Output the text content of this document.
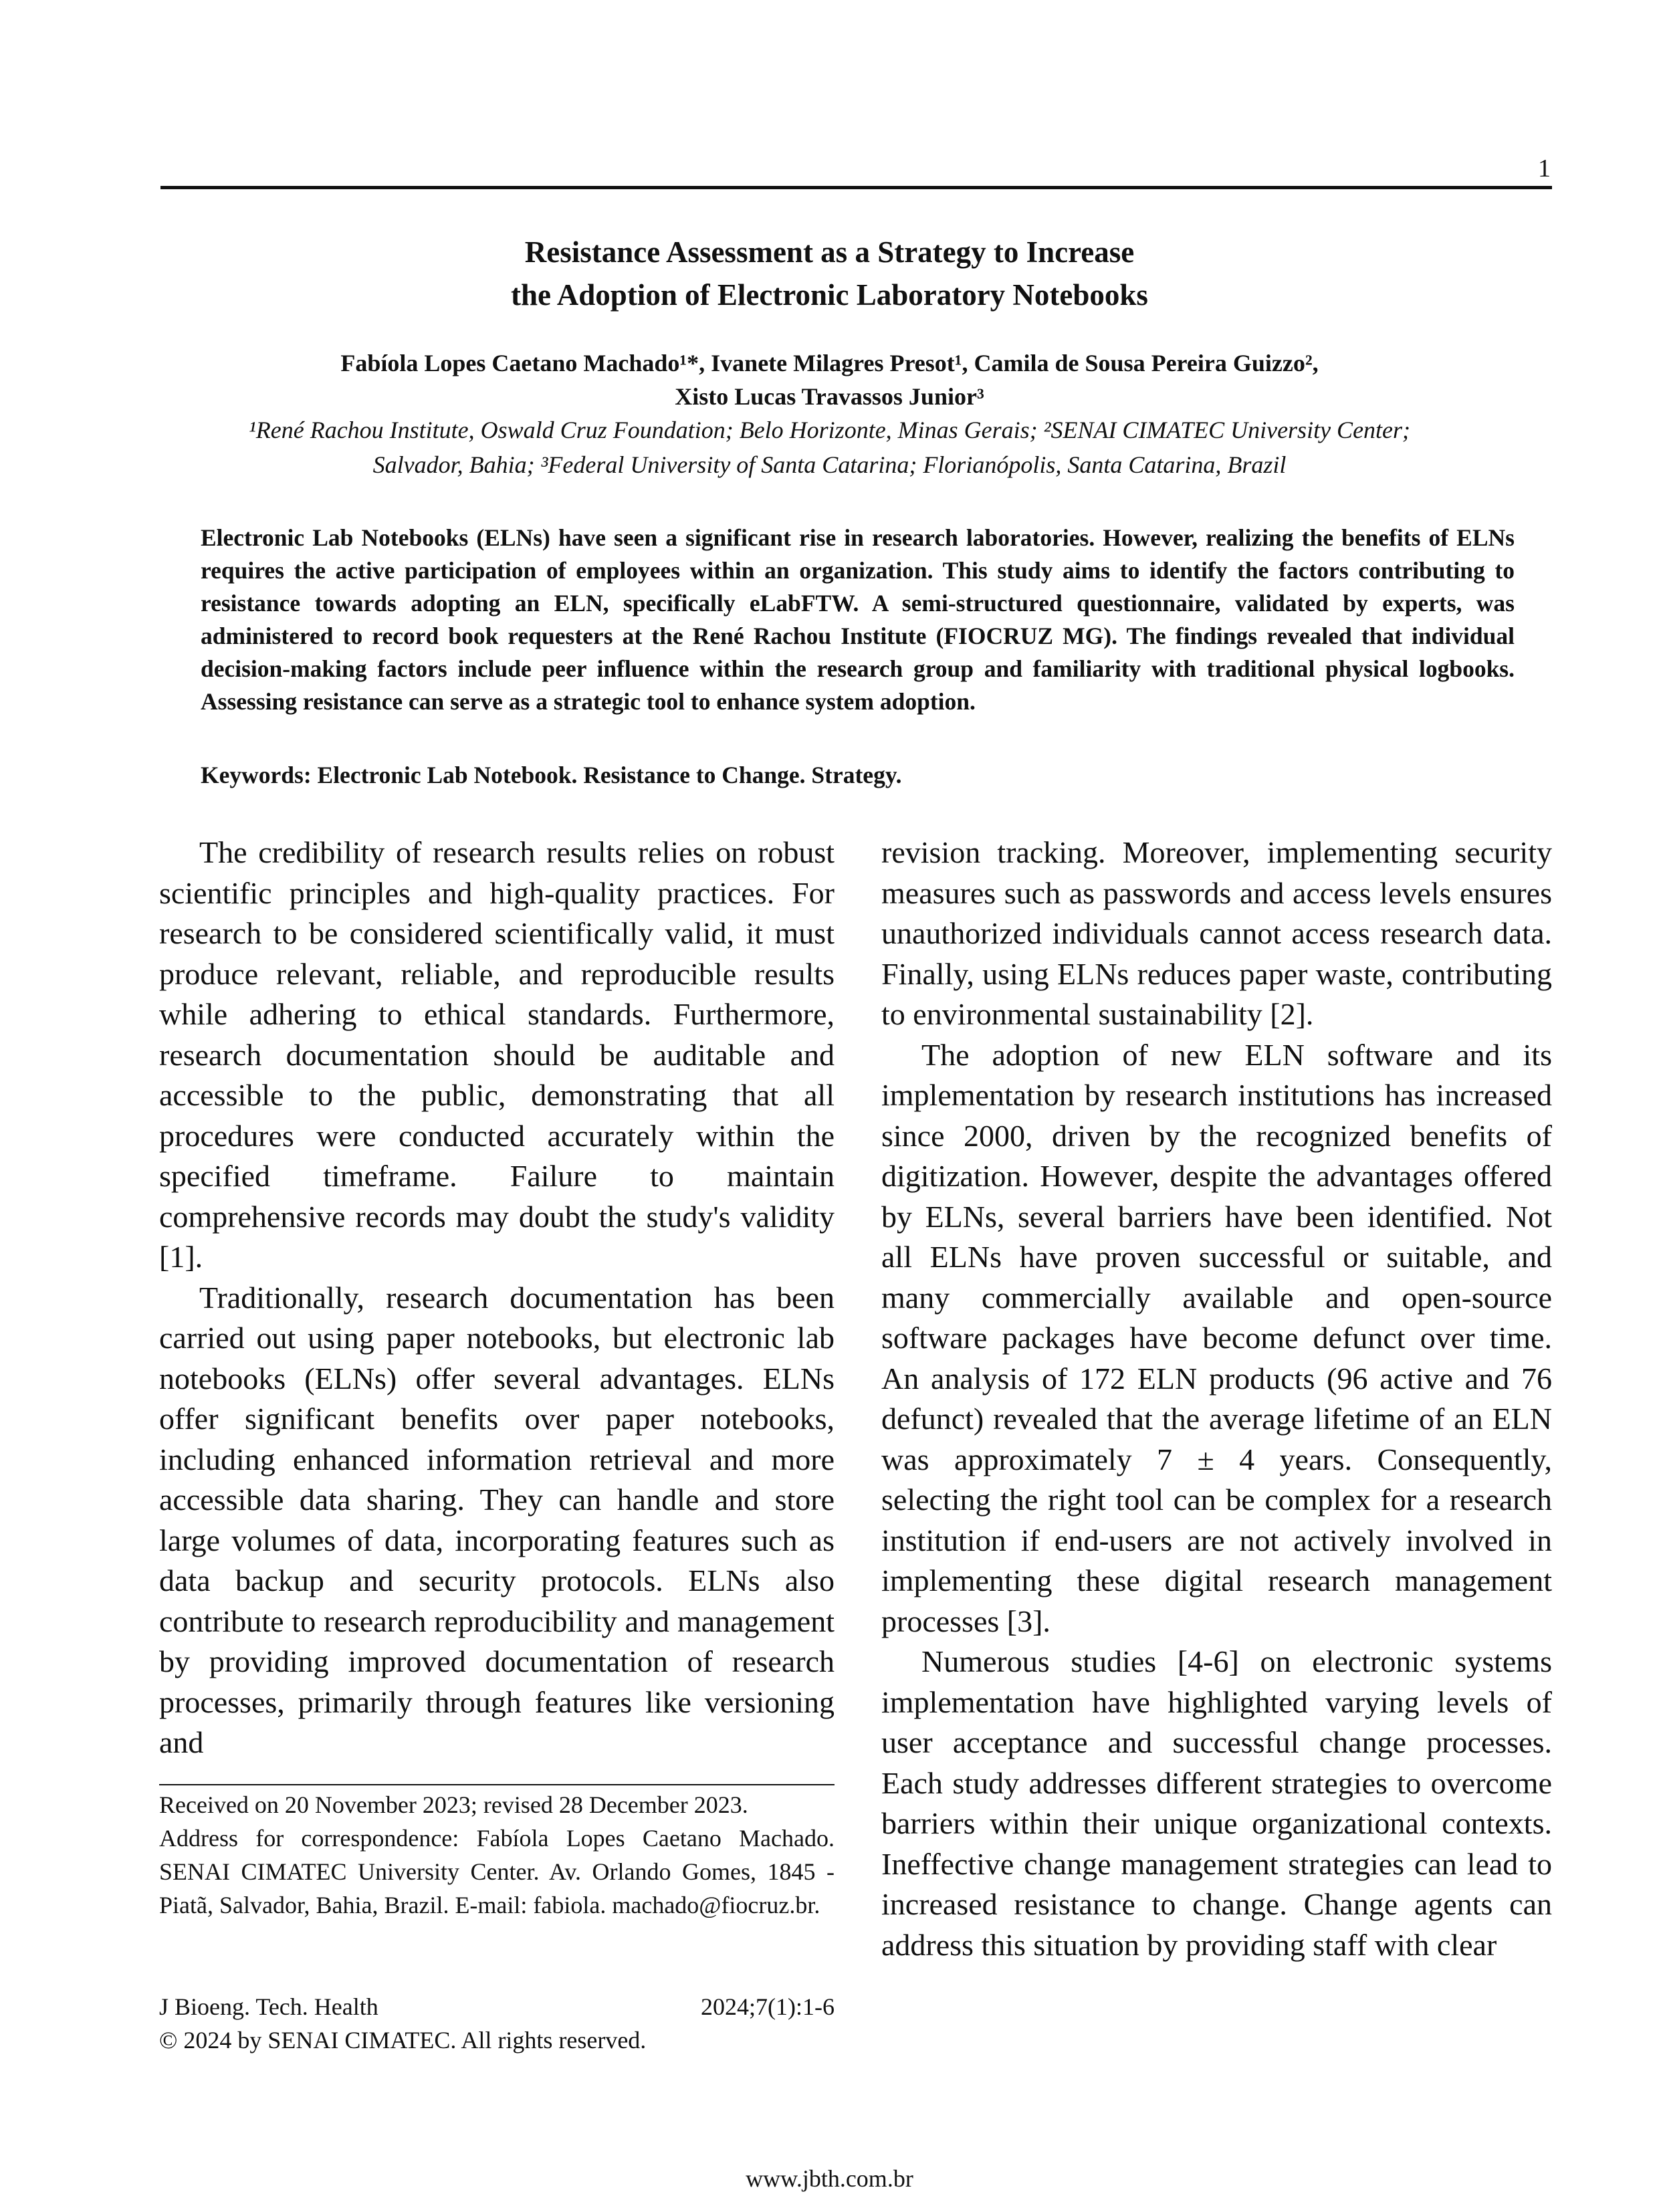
1
Resistance Assessment as a Strategy to Increase
the Adoption of Electronic Laboratory Notebooks
Fabíola Lopes Caetano Machado¹*, Ivanete Milagres Presot¹, Camila de Sousa Pereira Guizzo²,
Xisto Lucas Travassos Junior³
¹René Rachou Institute, Oswald Cruz Foundation; Belo Horizonte, Minas Gerais; ²SENAI CIMATEC University Center;
Salvador, Bahia; ³Federal University of Santa Catarina; Florianópolis, Santa Catarina, Brazil

Electronic Lab Notebooks (ELNs) have seen a significant rise in research laboratories. However, realizing the benefits of ELNs requires the active participation of employees within an organization. This study aims to identify the factors contributing to resistance towards adopting an ELN, specifically eLabFTW. A semi-structured questionnaire, validated by experts, was administered to record book requesters at the René Rachou Institute (FIOCRUZ MG). The findings revealed that individual decision-making factors include peer influence within the research group and familiarity with traditional physical logbooks. Assessing resistance can serve as a strategic tool to enhance system adoption.

Keywords: Electronic Lab Notebook. Resistance to Change. Strategy.

The credibility of research results relies on robust scientific principles and high-quality practices. For research to be considered scientifically valid, it must produce relevant, reliable, and reproducible results while adhering to ethical standards. Furthermore, research documentation should be auditable and accessible to the public, demonstrating that all procedures were conducted accurately within the specified timeframe. Failure to maintain comprehensive records may doubt the study's validity [1].

Traditionally, research documentation has been carried out using paper notebooks, but electronic lab notebooks (ELNs) offer several advantages. ELNs offer significant benefits over paper notebooks, including enhanced information retrieval and more accessible data sharing. They can handle and store large volumes of data, incorporating features such as data backup and security protocols. ELNs also contribute to research reproducibility and management by providing improved documentation of research processes, primarily through features like versioning and

revision tracking. Moreover, implementing security measures such as passwords and access levels ensures unauthorized individuals cannot access research data. Finally, using ELNs reduces paper waste, contributing to environmental sustainability [2].

The adoption of new ELN software and its implementation by research institutions has increased since 2000, driven by the recognized benefits of digitization. However, despite the advantages offered by ELNs, several barriers have been identified. Not all ELNs have proven successful or suitable, and many commercially available and open-source software packages have become defunct over time. An analysis of 172 ELN products (96 active and 76 defunct) revealed that the average lifetime of an ELN was approximately 7 ± 4 years. Consequently, selecting the right tool can be complex for a research institution if end-users are not actively involved in implementing these digital research management processes [3].

Numerous studies [4-6] on electronic systems implementation have highlighted varying levels of user acceptance and successful change processes. Each study addresses different strategies to overcome barriers within their unique organizational contexts. Ineffective change management strategies can lead to increased resistance to change. Change agents can address this situation by providing staff with clear

Received on 20 November 2023; revised 28 December 2023.

Address for correspondence: Fabíola Lopes Caetano Machado. SENAI CIMATEC University Center. Av. Orlando Gomes, 1845 - Piatã, Salvador, Bahia, Brazil. E-mail: fabiola. machado@fiocruz.br.

J Bioeng. Tech. Health	2024;7(1):1-6
© 2024 by SENAI CIMATEC. All rights reserved.
www.jbth.com.br
